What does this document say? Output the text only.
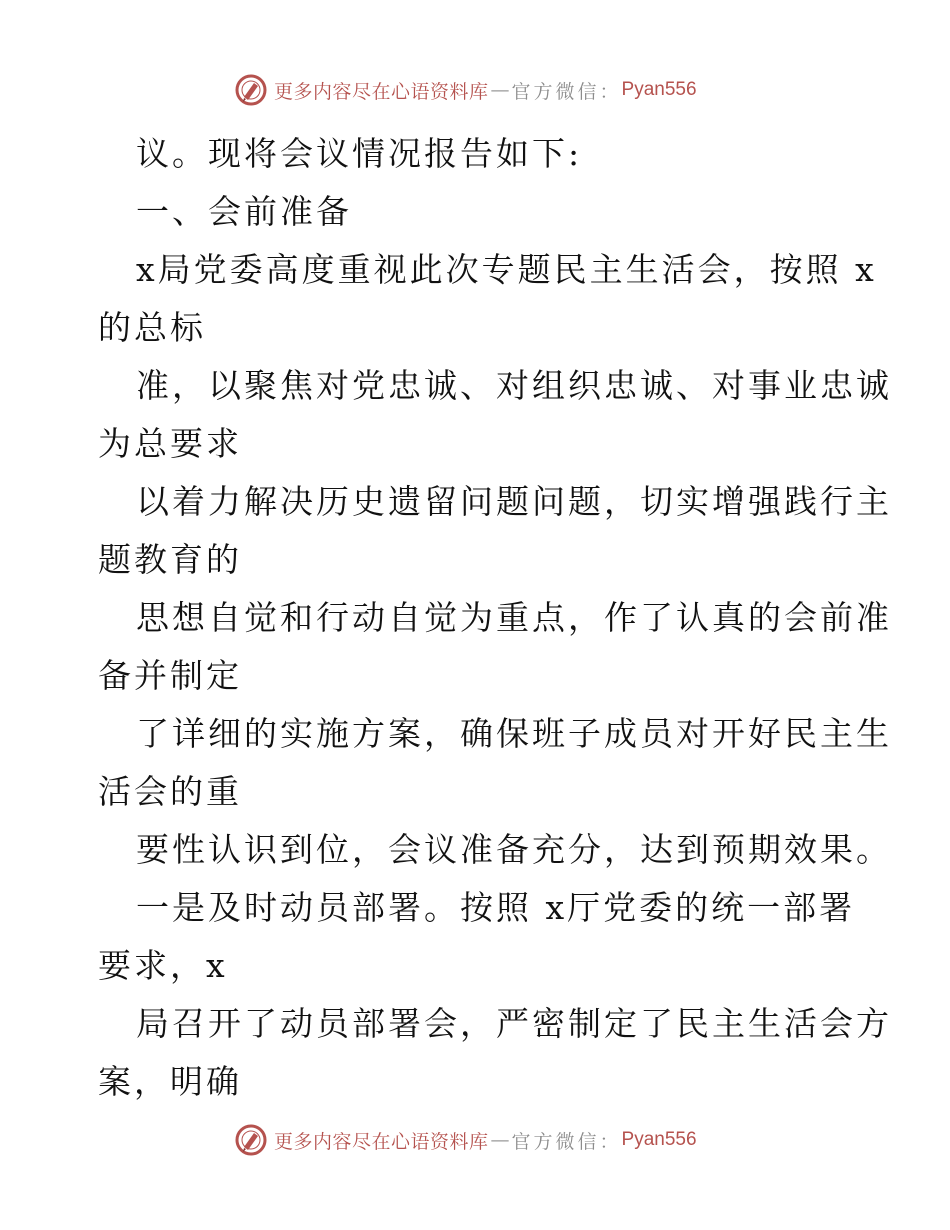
更多内容尽在心语资料库 — 官方微信： Pyan556
议。现将会议情况报告如下:
一、会前准备
x局党委高度重视此次专题民主生活会，按照 x
的总标
准，以聚焦对党忠诚、对组织忠诚、对事业忠诚
为总要求
以着力解决历史遗留问题问题，切实增强践行主
题教育的
思想自觉和行动自觉为重点，作了认真的会前准
备并制定
了详细的实施方案，确保班子成员对开好民主生
活会的重
要性认识到位，会议准备充分，达到预期效果。
一是及时动员部署。按照 x厅党委的统一部署
要求，x
局召开了动员部署会，严密制定了民主生活会方
案，明确
更多内容尽在心语资料库 — 官方微信： Pyan556
